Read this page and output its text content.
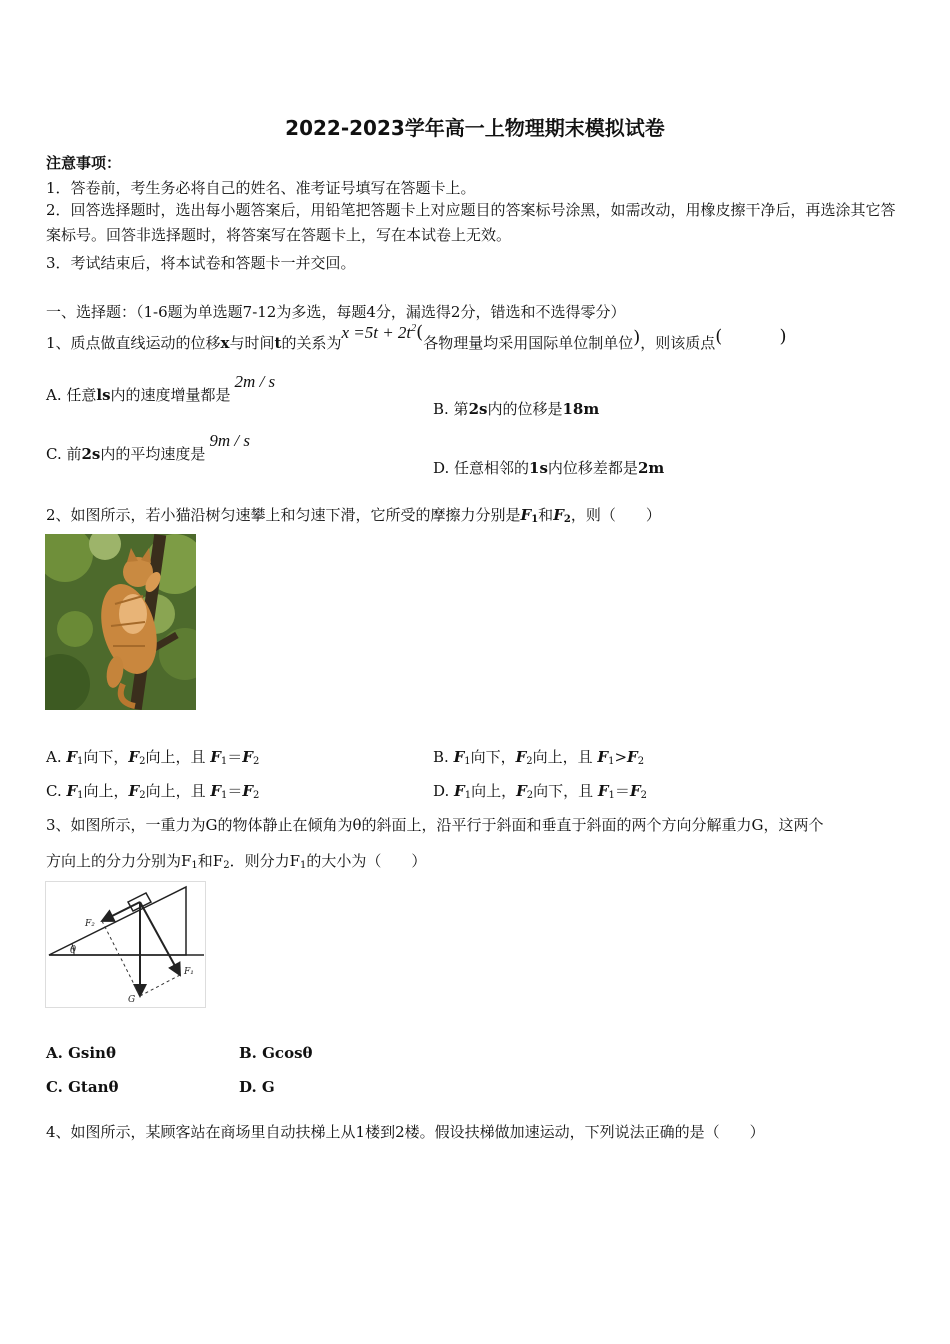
2022-2023学年高一上物理期末模拟试卷
注意事项：
1．答卷前，考生务必将自己的姓名、准考证号填写在答题卡上。
2．回答选择题时，选出每小题答案后，用铅笔把答题卡上对应题目的答案标号涂黑，如需改动，用橡皮擦干净后，再选涂其它答案标号。回答非选择题时，将答案写在答题卡上，写在本试卷上无效。
3．考试结束后，将本试卷和答题卡一并交回。
一、选择题：（1-6题为单选题7-12为多选，每题4分，漏选得2分，错选和不选得零分）
1、质点做直线运动的位移x与时间t的关系为$x =5t + 2t^2$(各物理量均采用国际单位制单位)，则该质点(          )
A. 任意ls内的速度增量都是2m / s
B. 第2s内的位移是18m
C. 前2s内的平均速度是9m / s
D. 任意相邻的1s内位移差都是2m
2、如图所示，若小猫沿树匀速攀上和匀速下滑，它所受的摩擦力分别是$F_1$和$F_2$，则（　　）
A. $F_1$向下，$F_2$向上，且 $F_1=F_2$	B. $F_1$向下，$F_2$向上，且 $F_1>F_2$
C. $F_1$向上，$F_2$向上，且 $F_1=F_2$	D. $F_1$向上，$F_2$向下，且 $F_1=F_2$
3、如图所示，一重力为G的物体静止在倾角为θ的斜面上，沿平行于斜面和垂直于斜面的两个方向分解重力G，这两个
方向上的分力分别为$F_1$和$F_2$．则分力$F_1$的大小为（　　）
F₂
θ
F₁
G
A. Gsinθ	B. Gcosθ
C. Gtanθ	D. G
4、如图所示，某顾客站在商场里自动扶梯上从1楼到2楼。假设扶梯做加速运动，下列说法正确的是（　　）
